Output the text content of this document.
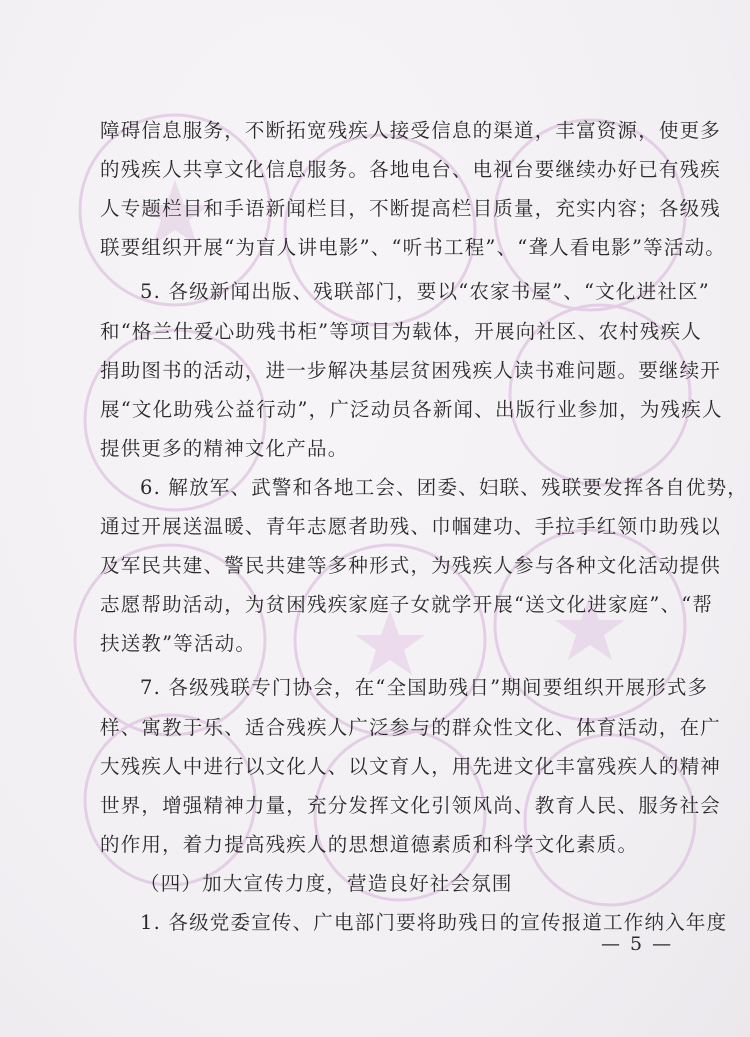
障碍信息服务，不断拓宽残疾人接受信息的渠道，丰富资源，使更多
的残疾人共享文化信息服务。各地电台、电视台要继续办好已有残疾
人专题栏目和手语新闻栏目，不断提高栏目质量，充实内容；各级残
联要组织开展“为盲人讲电影”、“听书工程”、“聋人看电影”等活动。
5. 各级新闻出版、残联部门，要以“农家书屋”、“文化进社区”
和“格兰仕爱心助残书柜”等项目为载体，开展向社区、农村残疾人
捐助图书的活动，进一步解决基层贫困残疾人读书难问题。要继续开
展“文化助残公益行动”，广泛动员各新闻、出版行业参加，为残疾人
提供更多的精神文化产品。
6. 解放军、武警和各地工会、团委、妇联、残联要发挥各自优势，
通过开展送温暖、青年志愿者助残、巾帼建功、手拉手红领巾助残以
及军民共建、警民共建等多种形式，为残疾人参与各种文化活动提供
志愿帮助活动，为贫困残疾家庭子女就学开展“送文化进家庭”、“帮
扶送教”等活动。
7. 各级残联专门协会，在“全国助残日”期间要组织开展形式多
样、寓教于乐、适合残疾人广泛参与的群众性文化、体育活动，在广
大残疾人中进行以文化人、以文育人，用先进文化丰富残疾人的精神
世界，增强精神力量，充分发挥文化引领风尚、教育人民、服务社会
的作用，着力提高残疾人的思想道德素质和科学文化素质。
（四）加大宣传力度，营造良好社会氛围
1. 各级党委宣传、广电部门要将助残日的宣传报道工作纳入年度
— 5 —
